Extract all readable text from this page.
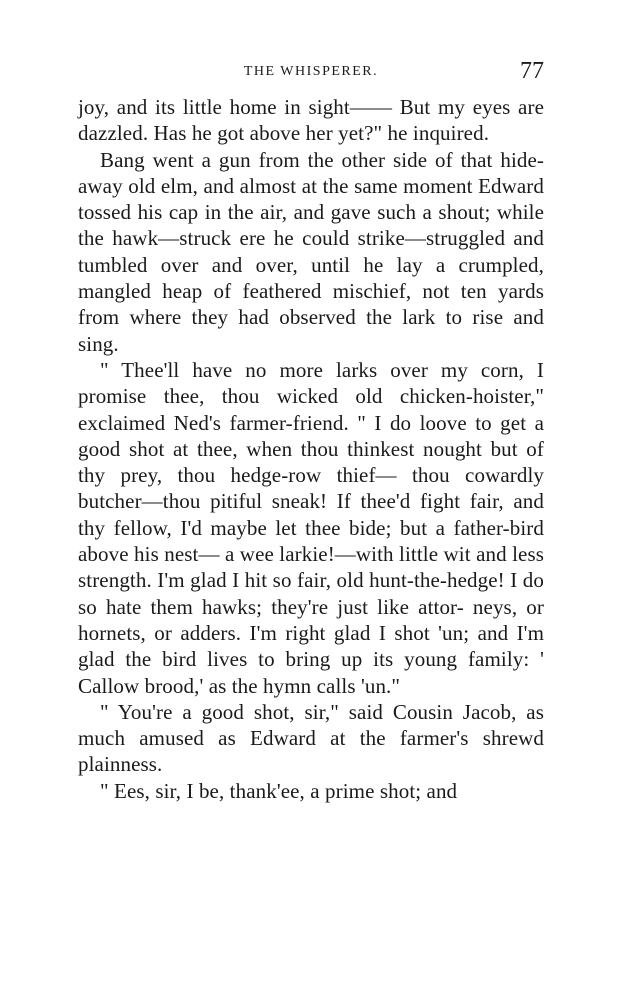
THE WHISPERER.	77

joy, and its little home in sight—— But my eyes are dazzled. Has he got above her yet?" he inquired.

Bang went a gun from the other side of that hide-away old elm, and almost at the same moment Edward tossed his cap in the air, and gave such a shout; while the hawk—struck ere he could strike—struggled and tumbled over and over, until he lay a crumpled, mangled heap of feathered mischief, not ten yards from where they had observed the lark to rise and sing.

" Thee'll have no more larks over my corn, I promise thee, thou wicked old chicken-hoister," exclaimed Ned's farmer-friend. " I do loove to get a good shot at thee, when thou thinkest nought but of thy prey, thou hedge-row thief— thou cowardly butcher—thou pitiful sneak! If thee'd fight fair, and thy fellow, I'd maybe let thee bide; but a father-bird above his nest— a wee larkie!—with little wit and less strength. I'm glad I hit so fair, old hunt-the-hedge! I do so hate them hawks; they're just like attor- neys, or hornets, or adders. I'm right glad I shot 'un; and I'm glad the bird lives to bring up its young family: ' Callow brood,' as the hymn calls 'un."

" You're a good shot, sir," said Cousin Jacob, as much amused as Edward at the farmer's shrewd plainness.

" Ees, sir, I be, thank'ee, a prime shot; and
